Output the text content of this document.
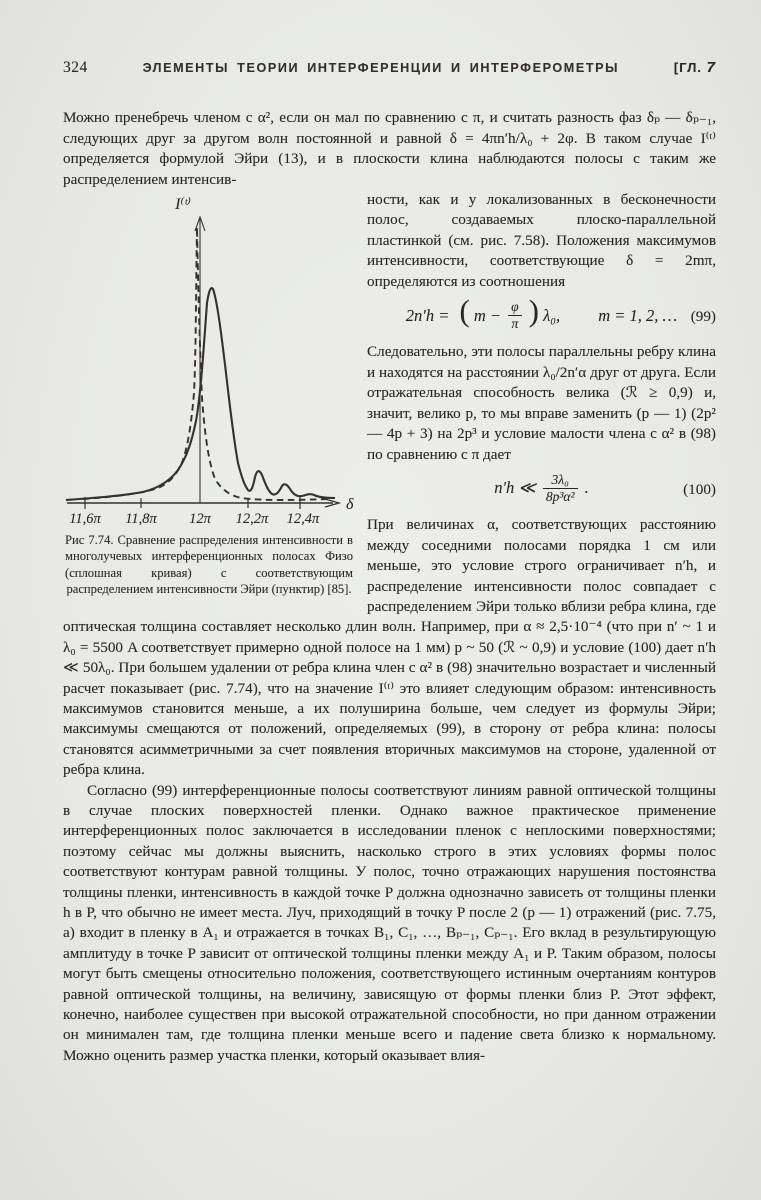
324	ЭЛЕМЕНТЫ ТЕОРИИ ИНТЕРФЕРЕНЦИИ И ИНТЕРФЕРОМЕТРЫ	[ГЛ. 7

Можно пренебречь членом с α², если он мал по сравнению с π, и считать разность фаз δₚ — δₚ₋₁, следующих друг за другом волн постоянной и равной δ = 4πn′h/λ₀ + 2φ. В таком случае I⁽ᵗ⁾ определяется формулой Эйри (13), и в плоскости клина наблюдаются полосы с таким же распределением интенсив-

I⁽ᵗ⁾
δ
11,6π 11,8π 12π 12,2π 12,4π
Рис 7.74. Сравнение распределения интенсивности в многолучевых интерференционных полосах Физо (сплошная кривая) с соответствующим распределением интенсивности Эйри (пунктир) [85].

ности, как и у локализованных в бесконечности полос, создаваемых плоско-параллельной пластинкой (см. рис. 7.58). Положения максимумов интенсивности, соответствующие δ = 2mπ, определяются из соотношения

2n′h = ( $m - \frac{\varphi}{\pi}$ ) λ₀, m = 1, 2, … (99)

Следовательно, эти полосы параллельны ребру клина и находятся на расстоянии λ₀/2n′α друг от друга. Если отражательная способность велика (ℛ ≥ 0,9) и, значит, велико p, то мы вправе заменить (p — 1) (2p² — 4p + 3) на 2p³ и условие малости члена с α² в (98) по сравнению с π дает

n′h ≪ $\frac{\text{3λ₀}}{\text{8p³α²}}$ .	(100)

При величинах α, соответствующих расстоянию между соседними полосами порядка 1 см или меньше, это условие строго ограничивает n′h, и распределение интенсивности полос совпадает с распределением Эйри только вблизи ребра клина, где оптическая толщина составляет несколько длин волн. Например, при α ≈ 2,5·10⁻⁴ (что при n′ ~ 1 и λ₀ = 5500 A соответствует примерно одной полосе на 1 мм) p ~ 50 (ℛ ~ 0,9) и условие (100) дает n′h ≪ 50λ₀. При большем удалении от ребра клина член с α² в (98) значительно возрастает и численный расчет показывает (рис. 7.74), что на значение I⁽ᵗ⁾ это влияет следующим образом: интенсивность максимумов становится меньше, а их полуширина больше, чем следует из формулы Эйри; максимумы смещаются от положений, определяемых (99), в сторону от ребра клина: полосы становятся асимметричными за счет появления вторичных максимумов на стороне, удаленной от ребра клина.

Согласно (99) интерференционные полосы соответствуют линиям равной оптической толщины в случае плоских поверхностей пленки. Однако важное практическое применение интерференционных полос заключается в исследовании пленок с неплоскими поверхностями; поэтому сейчас мы должны выяснить, насколько строго в этих условиях формы полос соответствуют контурам равной толщины. У полос, точно отражающих нарушения постоянства толщины пленки, интенсивность в каждой точке P должна однозначно зависеть от толщины пленки h в P, что обычно не имеет места. Луч, приходящий в точку P после 2 (p — 1) отражений (рис. 7.75, а) входит в пленку в A₁ и отражается в точках B₁, C₁, …, Bₚ₋₁, Cₚ₋₁. Его вклад в результирующую амплитуду в точке P зависит от оптической толщины пленки между A₁ и P. Таким образом, полосы могут быть смещены относительно положения, соответствующего истинным очертаниям контуров равной оптической толщины, на величину, зависящую от формы пленки близ P. Этот эффект, конечно, наиболее существен при высокой отражательной способности, но при данном отражении он минимален там, где толщина пленки меньше всего и падение света близко к нормальному. Можно оценить размер участка пленки, который оказывает влия-
